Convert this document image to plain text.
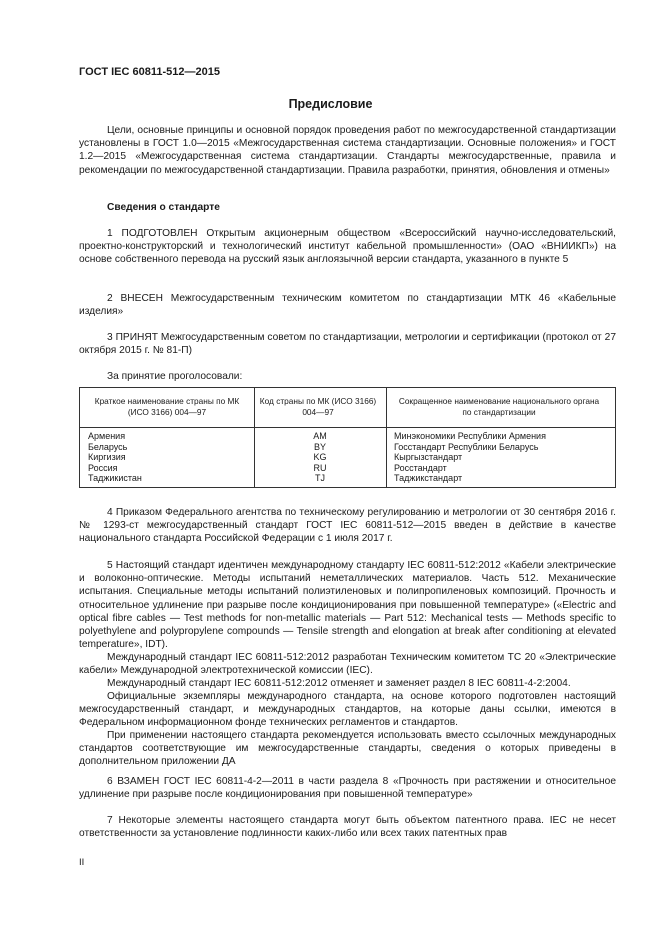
ГОСТ IEC 60811-512—2015
Предисловие

Цели, основные принципы и основной порядок проведения работ по межгосударственной стандартизации установлены в ГОСТ 1.0—2015 «Межгосударственная система стандартизации. Основные положения» и ГОСТ 1.2—2015 «Межгосударственная система стандартизации. Стандарты межгосударственные, правила и рекомендации по межгосударственной стандартизации. Правила разработки, принятия, обновления и отмены»

Сведения о стандарте

1 ПОДГОТОВЛЕН Открытым акционерным обществом «Всероссийский научно-исследовательский, проектно-конструкторский и технологический институт кабельной промышленности» (ОАО «ВНИИКП») на основе собственного перевода на русский язык англоязычной версии стандарта, указанного в пункте 5

2 ВНЕСЕН Межгосударственным техническим комитетом по стандартизации МТК 46 «Кабельные изделия»

3 ПРИНЯТ Межгосударственным советом по стандартизации, метрологии и сертификации (протокол от 27 октября 2015 г. № 81-П)

За принятие проголосовали:

Краткое наименование страны по МК (ИСО 3166) 004—97
Код страны по МК (ИСО 3166) 004—97
Сокращенное наименование национального органа по стандартизации
Армения
Беларусь
Киргизия
Россия
Таджикистан
AM
BY
KG
RU
TJ
Минэкономики Республики Армения
Госстандарт Республики Беларусь
Кыргызстандарт
Росстандарт
Таджикстандарт

4 Приказом Федерального агентства по техническому регулированию и метрологии от 30 сентября 2016 г. № 1293-ст межгосударственный стандарт ГОСТ IEC 60811-512—2015 введен в действие в качестве национального стандарта Российской Федерации с 1 июля 2017 г.

5 Настоящий стандарт идентичен международному стандарту IEC 60811-512:2012 «Кабели электрические и волоконно-оптические. Методы испытаний неметаллических материалов. Часть 512. Механические испытания. Специальные методы испытаний полиэтиленовых и полипропиленовых композиций. Прочность и относительное удлинение при разрыве после кондиционирования при повышенной температуре» («Electric and optical fibre cables — Test methods for non-metallic materials — Part 512: Mechanical tests — Methods specific to polyethylene and polypropylene compounds — Tensile strength and elongation at break after conditioning at elevated temperature», IDT).

Международный стандарт IEC 60811-512:2012 разработан Техническим комитетом TC 20 «Электрические кабели» Международной электротехнической комиссии (IEC).

Международный стандарт IEC 60811-512:2012 отменяет и заменяет раздел 8 IEC 60811-4-2:2004.

Официальные экземпляры международного стандарта, на основе которого подготовлен настоящий межгосударственный стандарт, и международных стандартов, на которые даны ссылки, имеются в Федеральном информационном фонде технических регламентов и стандартов.

При применении настоящего стандарта рекомендуется использовать вместо ссылочных международных стандартов соответствующие им межгосударственные стандарты, сведения о которых приведены в дополнительном приложении ДА

6 ВЗАМЕН ГОСТ IEC 60811-4-2—2011 в части раздела 8 «Прочность при растяжении и относительное удлинение при разрыве после кондиционирования при повышенной температуре»

7 Некоторые элементы настоящего стандарта могут быть объектом патентного права. IEC не несет ответственности за установление подлинности каких-либо или всех таких патентных прав

II
